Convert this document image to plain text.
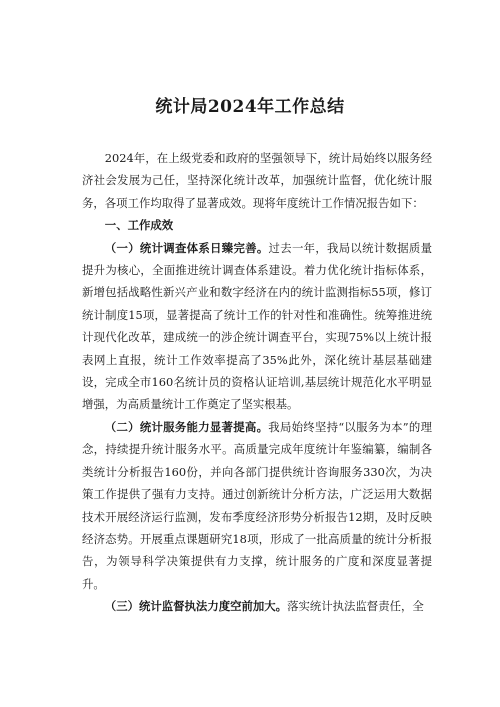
统计局2024年工作总结

2024年，在上级党委和政府的坚强领导下，统计局始终以服务经济社会发展为己任，坚持深化统计改革，加强统计监督，优化统计服务，各项工作均取得了显著成效。现将年度统计工作情况报告如下：

一、工作成效

（一）统计调查体系日臻完善。过去一年，我局以统计数据质量提升为核心，全面推进统计调查体系建设。着力优化统计指标体系，新增包括战略性新兴产业和数字经济在内的统计监测指标55项，修订统计制度15项，显著提高了统计工作的针对性和准确性。统筹推进统计现代化改革，建成统一的涉企统计调查平台，实现75%以上统计报表网上直报，统计工作效率提高了35%此外，深化统计基层基础建设，完成全市160名统计员的资格认证培训,基层统计规范化水平明显增强，为高质量统计工作奠定了坚实根基。

（二）统计服务能力显著提高。我局始终坚持“以服务为本”的理念，持续提升统计服务水平。高质量完成年度统计年鉴编纂，编制各类统计分析报告160份，并向各部门提供统计咨询服务330次，为决策工作提供了强有力支持。通过创新统计分析方法，广泛运用大数据技术开展经济运行监测，发布季度经济形势分析报告12期，及时反映经济态势。开展重点课题研究18项，形成了一批高质量的统计分析报告，为领导科学决策提供有力支撑，统计服务的广度和深度显著提升。

（三）统计监督执法力度空前加大。落实统计执法监督责任，全
